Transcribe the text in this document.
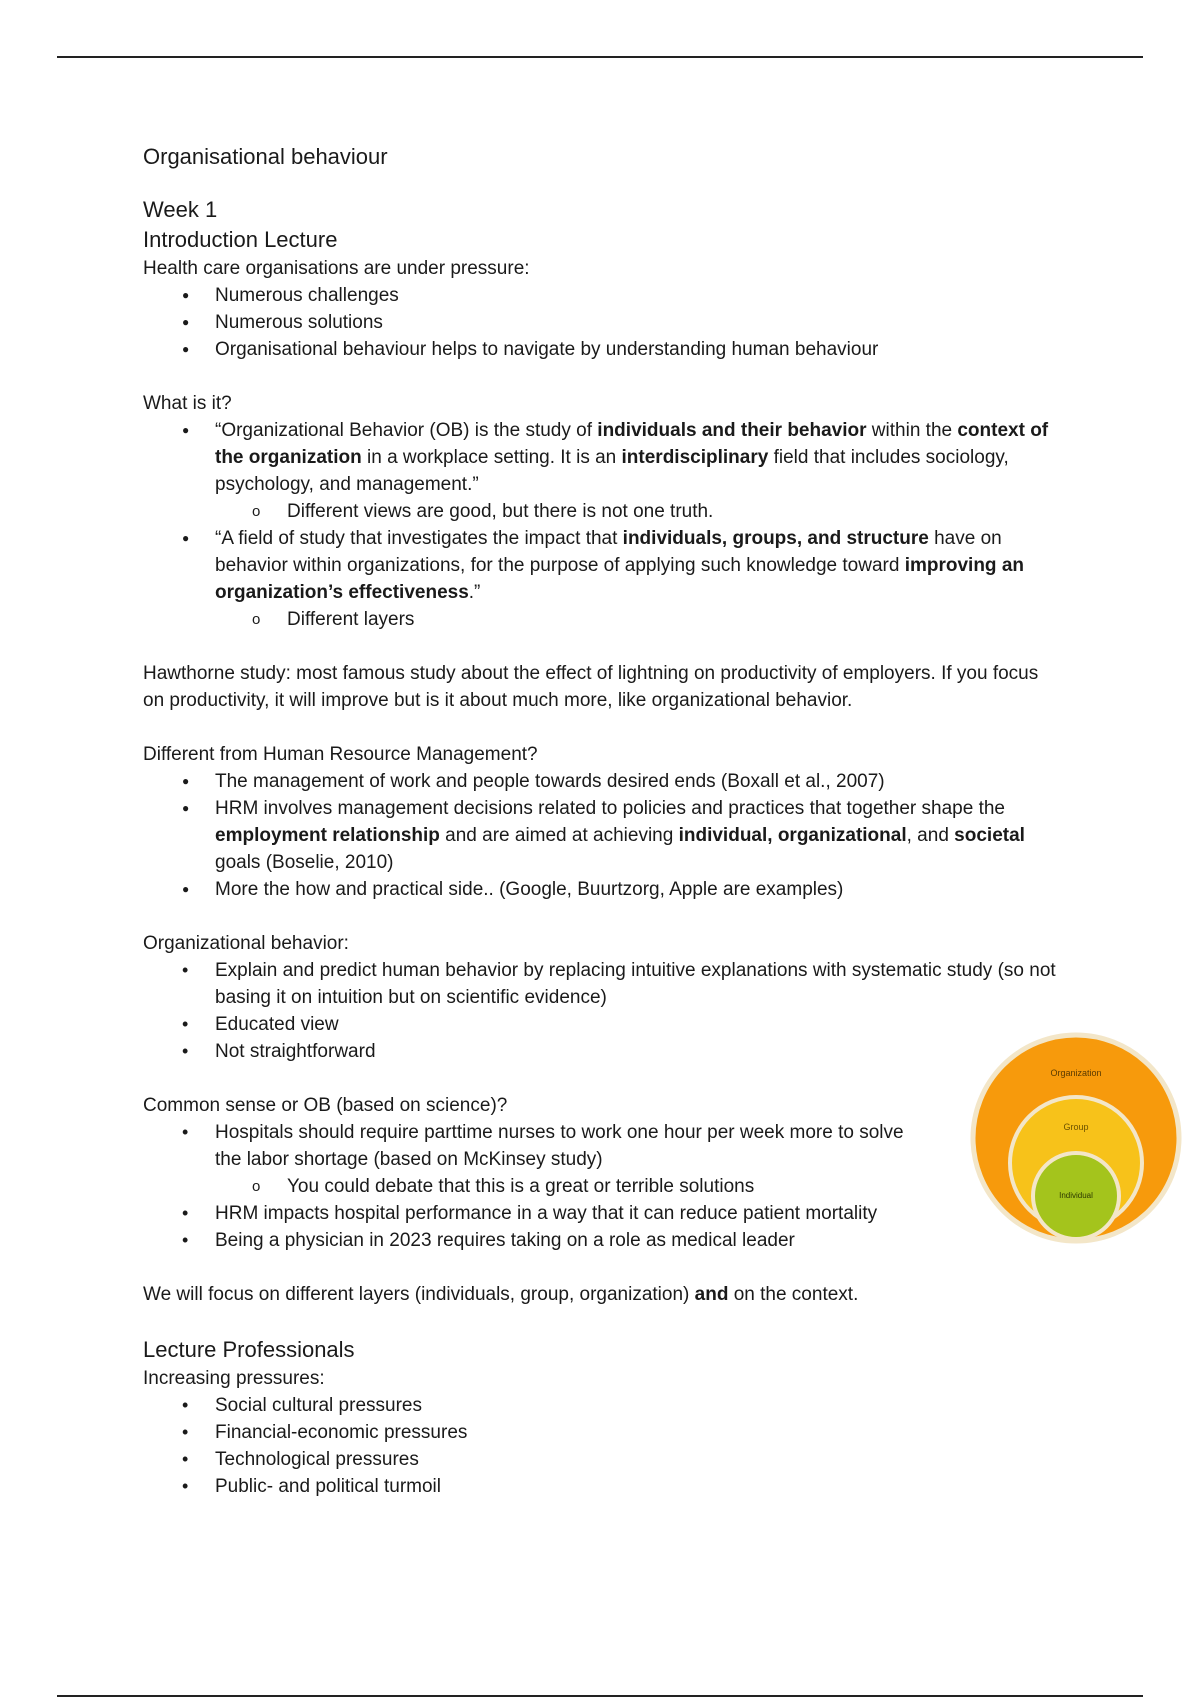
Organisational behaviour

Week 1

Introduction Lecture

Health care organisations are under pressure:

● Numerous challenges
● Numerous solutions
● Organisational behaviour helps to navigate by understanding human behaviour

What is it?

● “Organizational Behavior (OB) is the study of individuals and their behavior within the context of the organization in a workplace setting. It is an interdisciplinary field that includes sociology, psychology, and management.”
o Different views are good, but there is not one truth.
● “A field of study that investigates the impact that individuals, groups, and structure have on behavior within organizations, for the purpose of applying such knowledge toward improving an organization’s effectiveness.”
o Different layers

Hawthorne study: most famous study about the effect of lightning on productivity of employers. If you focus on productivity, it will improve but is it about much more, like organizational behavior.

Different from Human Resource Management?

● The management of work and people towards desired ends (Boxall et al., 2007)
● HRM involves management decisions related to policies and practices that together shape the employment relationship and are aimed at achieving individual, organizational, and societal goals (Boselie, 2010)
● More the how and practical side.. (Google, Buurtzorg, Apple are examples)

Organizational behavior:

• Explain and predict human behavior by replacing intuitive explanations with systematic study (so not basing it on intuition but on scientific evidence)
• Educated view
• Not straightforward

Common sense or OB (based on science)?

• Hospitals should require parttime nurses to work one hour per week more to solve the labor shortage (based on McKinsey study)
o You could debate that this is a great or terrible solutions
• HRM impacts hospital performance in a way that it can reduce patient mortality
• Being a physician in 2023 requires taking on a role as medical leader

We will focus on different layers (individuals, group, organization) and on the context.

Lecture Professionals

Increasing pressures:

• Social cultural pressures
• Financial-economic pressures
• Technological pressures
• Public- and political turmoil
Organization
Group
Individual
